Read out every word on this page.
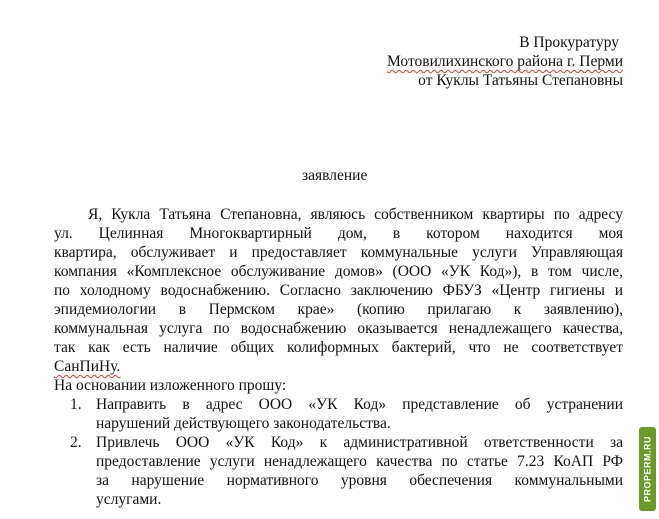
В Прокуратуру
Мотовилихинского района г. Перми
от Куклы Татьяны Степановны
заявление
Я, Кукла Татьяна Степановна, являюсь собственником квартиры по адресу
ул. Целинная Многоквартирный дом, в котором находится моя
квартира, обслуживает и предоставляет коммунальные услуги Управляющая
компания «Комплексное обслуживание домов» (ООО «УК Код»), в том числе,
по холодному водоснабжению. Согласно заключению ФБУЗ «Центр гигиены и
эпидемиологии в Пермском крае» (копию прилагаю к заявлению),
коммунальная услуга по водоснабжению оказывается ненадлежащего качества,
так как есть наличие общих колиформных бактерий, что не соответствует
СанПиНу.
На основании изложенного прошу:
1. Направить в адрес ООО «УК Код» представление об устранении
нарушений действующего законодательства.
2. Привлечь ООО «УК Код» к административной ответственности за
предоставление услуги ненадлежащего качества по статье 7.23 КоАП РФ
за нарушение нормативного уровня обеспечения коммунальными
услугами.	PROPERM.RU
